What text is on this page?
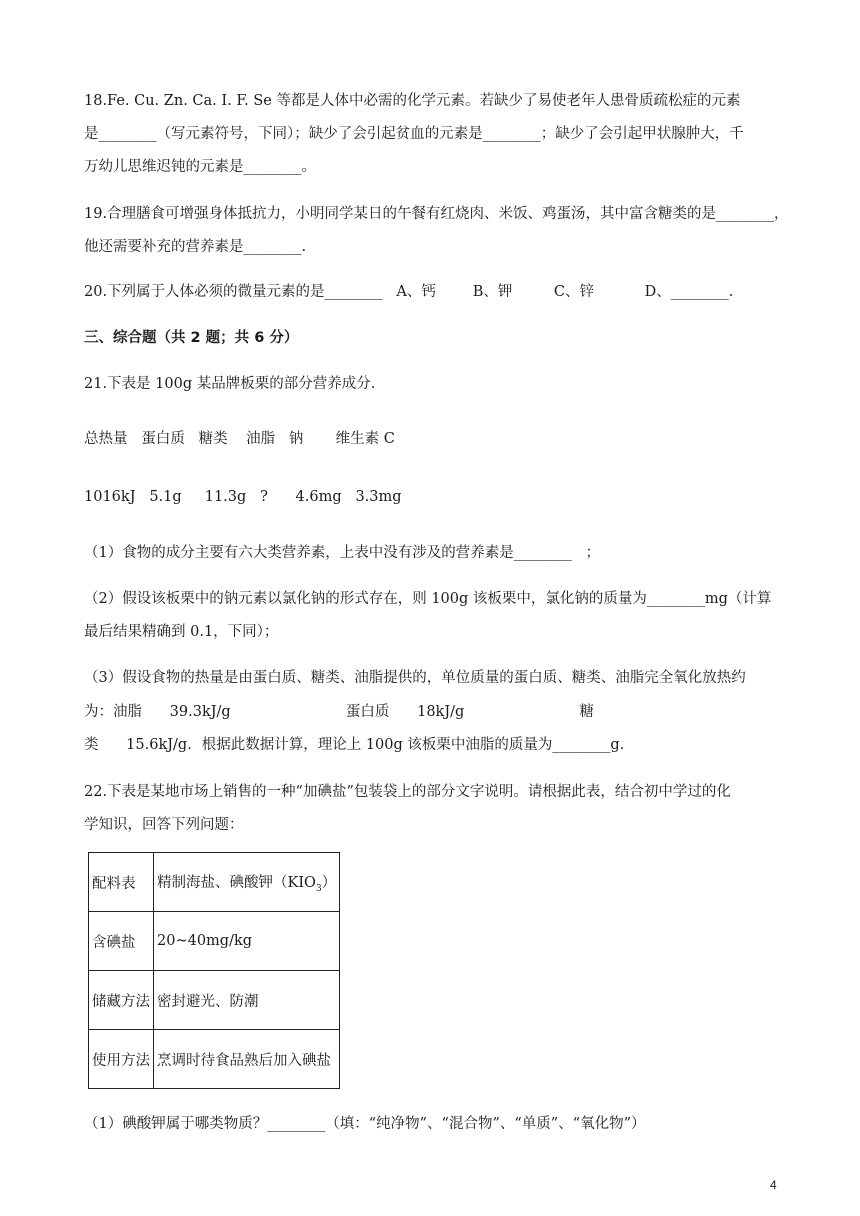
18.Fe. Cu. Zn. Ca. I. F. Se 等都是人体中必需的化学元素。若缺少了易使老年人患骨质疏松症的元素
是________（写元素符号，下同）；缺少了会引起贫血的元素是________；缺少了会引起甲状腺肿大，千
万幼儿思维迟钝的元素是________。
19.合理膳食可增强身体抵抗力，小明同学某日的午餐有红烧肉、米饭、鸡蛋汤，其中富含糖类的是________，
他还需要补充的营养素是________.
20.下列属于人体必须的微量元素的是________   A、钙        B、钾         C、锌           D、________.
三、综合题（共 2 题；共 6 分）
21.下表是 100g 某品牌板栗的部分营养成分.
总热量   蛋白质   糖类    油脂   钠       维生素 C
1016kJ   5.1g     11.3g   ?      4.6mg   3.3mg
（1）食物的成分主要有六大类营养素，上表中没有涉及的营养素是________   ；
（2）假设该板栗中的钠元素以氯化钠的形式存在，则 100g 该板栗中，氯化钠的质量为________mg（计算
最后结果精确到 0.1，下同）；
（3）假设食物的热量是由蛋白质、糖类、油脂提供的，单位质量的蛋白质、糖类、油脂完全氧化放热约
为：油脂      39.3kJ/g                         蛋白质      18kJ/g                         糖
类      15.6kJ/g．根据此数据计算，理论上 100g 该板栗中油脂的质量为________g.
22.下表是某地市场上销售的一种“加碘盐”包装袋上的部分文字说明。请根据此表，结合初中学过的化
学知识，回答下列问题：
配料表	精制海盐、碘酸钾$(KIO_3)$
含碘盐	20~40mg/kg
储藏方法	密封避光、防潮
使用方法	烹调时待食品熟后加入碘盐
（1）碘酸钾属于哪类物质？________（填：“纯净物”、“混合物”、“单质”、“氧化物”）
4
